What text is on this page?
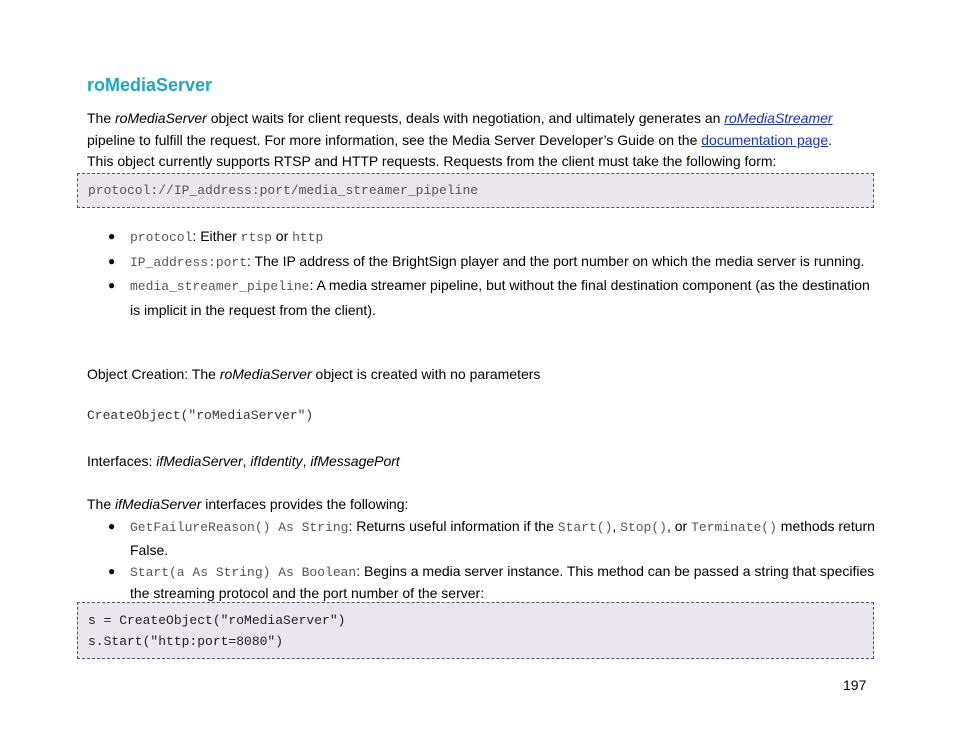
roMediaServer
The roMediaServer object waits for client requests, deals with negotiation, and ultimately generates an roMediaStreamer pipeline to fulfill the request. For more information, see the Media Server Developer’s Guide on the documentation page.
This object currently supports RTSP and HTTP requests. Requests from the client must take the following form:
protocol://IP_address:port/media_streamer_pipeline
● protocol: Either rtsp or http
● IP_address:port: The IP address of the BrightSign player and the port number on which the media server is running.
● media_streamer_pipeline: A media streamer pipeline, but without the final destination component (as the destination is implicit in the request from the client).
Object Creation: The roMediaServer object is created with no parameters
CreateObject("roMediaServer")
Interfaces: ifMediaServer, ifIdentity, ifMessagePort
The ifMediaServer interfaces provides the following:
● GetFailureReason() As String: Returns useful information if the Start(), Stop(), or Terminate() methods return False.
● Start(a As String) As Boolean: Begins a media server instance. This method can be passed a string that specifies the streaming protocol and the port number of the server:
s = CreateObject("roMediaServer")
s.Start("http:port=8080")
197
